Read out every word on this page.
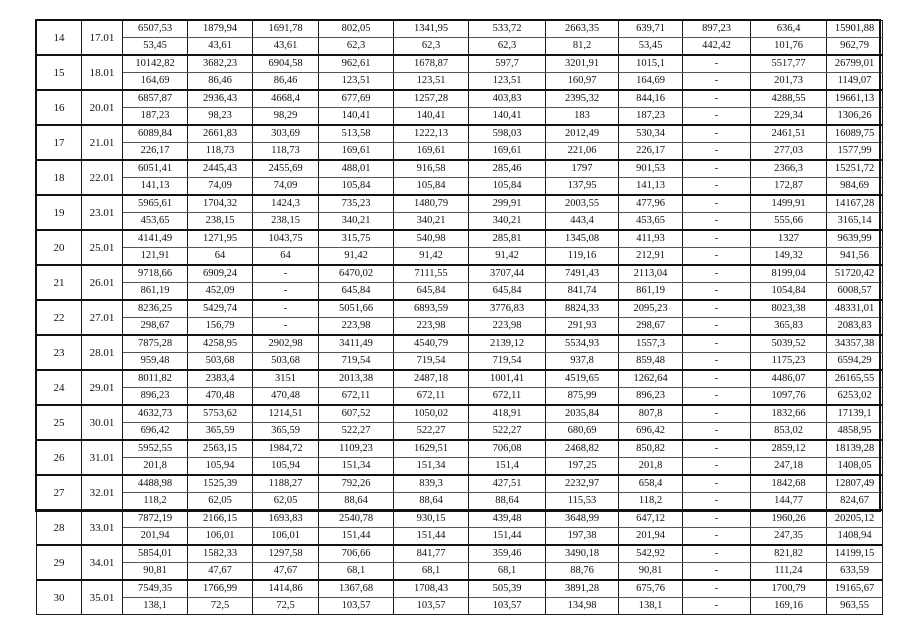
14	17.01	6507,53	1879,94	1691,78	802,05	1341,95	533,72	2663,35	639,71	897,23	636,4	15901,88
		53,45	43,61	43,61	62,3	62,3	62,3	81,2	53,45	442,42	101,76	962,79
15	18.01	10142,82	3682,23	6904,58	962,61	1678,87	597,7	3201,91	1015,1	-	5517,77	26799,01
		164,69	86,46	86,46	123,51	123,51	123,51	160,97	164,69	-	201,73	1149,07
16	20.01	6857,87	2936,43	4668,4	677,69	1257,28	403,83	2395,32	844,16	-	4288,55	19661,13
		187,23	98,23	98,29	140,41	140,41	140,41	183	187,23	-	229,34	1306,26
17	21.01	6089,84	2661,83	303,69	513,58	1222,13	598,03	2012,49	530,34	-	2461,51	16089,75
		226,17	118,73	118,73	169,61	169,61	169,61	221,06	226,17	-	277,03	1577,99
18	22.01	6051,41	2445,43	2455,69	488,01	916,58	285,46	1797	901,53	-	2366,3	15251,72
		141,13	74,09	74,09	105,84	105,84	105,84	137,95	141,13	-	172,87	984,69
19	23.01	5965,61	1704,32	1424,3	735,23	1480,79	299,91	2003,55	477,96	-	1499,91	14167,28
		453,65	238,15	238,15	340,21	340,21	340,21	443,4	453,65	-	555,66	3165,14
20	25.01	4141,49	1271,95	1043,75	315,75	540,98	285,81	1345,08	411,93	-	1327	9639,99
		121,91	64	64	91,42	91,42	91,42	119,16	212,91	-	149,32	941,56
21	26.01	9718,66	6909,24	-	6470,02	7111,55	3707,44	7491,43	2113,04	-	8199,04	51720,42
		861,19	452,09	-	645,84	645,84	645,84	841,74	861,19	-	1054,84	6008,57
22	27.01	8236,25	5429,74	-	5051,66	6893,59	3776,83	8824,33	2095,23	-	8023,38	48331,01
		298,67	156,79	-	223,98	223,98	223,98	291,93	298,67	-	365,83	2083,83
23	28.01	7875,28	4258,95	2902,98	3411,49	4540,79	2139,12	5534,93	1557,3	-	5039,52	34357,38
		959,48	503,68	503,68	719,54	719,54	719,54	937,8	859,48	-	1175,23	6594,29
24	29.01	8011,82	2383,4	3151	2013,38	2487,18	1001,41	4519,65	1262,64	-	4486,07	26165,55
		896,23	470,48	470,48	672,11	672,11	672,11	875,99	896,23	-	1097,76	6253,02
25	30.01	4632,73	5753,62	1214,51	607,52	1050,02	418,91	2035,84	807,8	-	1832,66	17139,1
		696,42	365,59	365,59	522,27	522,27	522,27	680,69	696,42	-	853,02	4858,95
26	31.01	5952,55	2563,15	1984,72	1109,23	1629,51	706,08	2468,82	850,82	-	2859,12	18139,28
		201,8	105,94	105,94	151,34	151,34	151,4	197,25	201,8	-	247,18	1408,05
27	32.01	4488,98	1525,39	1188,27	792,26	839,3	427,51	2232,97	658,4	-	1842,68	12807,49
		118,2	62,05	62,05	88,64	88,64	88,64	115,53	118,2	-	144,77	824,67
28	33.01	7872,19	2166,15	1693,83	2540,78	930,15	439,48	3648,99	647,12	-	1960,26	20205,12
		201,94	106,01	106,01	151,44	151,44	151,44	197,38	201,94	-	247,35	1408,94
29	34.01	5854,01	1582,33	1297,58	706,66	841,77	359,46	3490,18	542,92	-	821,82	14199,15
		90,81	47,67	47,67	68,1	68,1	68,1	88,76	90,81	-	111,24	633,59
30	35.01	7549,35	1766,99	1414,86	1367,68	1708,43	505,39	3891,28	675,76	-	1700,79	19165,67
		138,1	72,5	72,5	103,57	103,57	103,57	134,98	138,1	-	169,16	963,55
